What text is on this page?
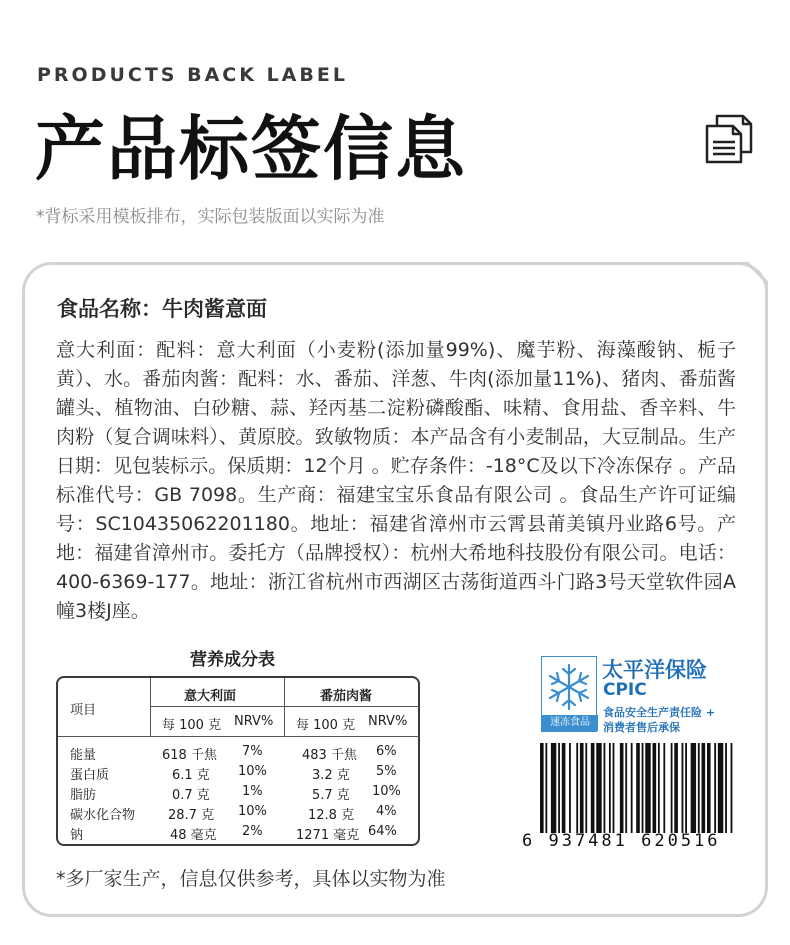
PRODUCTS BACK LABEL
产品标签信息
*背标采用模板排布，实际包装版面以实际为准
食品名称：牛肉酱意面
意大利面：配料：意大利面（小麦粉(添加量99%)、魔芋粉、海藻酸钠、栀子黄）、水。番茄肉酱：配料：水、番茄、洋葱、牛肉(添加量11%)、猪肉、番茄酱罐头、植物油、白砂糖、蒜、羟丙基二淀粉磷酸酯、味精、食用盐、香辛料、牛肉粉（复合调味料）、黄原胶。致敏物质：本产品含有小麦制品，大豆制品。生产日期：见包装标示。保质期：12个月 。贮存条件：-18°C及以下冷冻保存 。产品标准代号：GB 7098。生产商：福建宝宝乐食品有限公司 。食品生产许可证编号：SC10435062201180。地址：福建省漳州市云霄县莆美镇丹业路6号。产地：福建省漳州市。委托方（品牌授权）：杭州大希地科技股份有限公司。电话：400-6369-177。地址：浙江省杭州市西湖区古荡街道西斗门路3号天堂软件园A幢3楼J座。
营养成分表
项目
意大利面	番茄肉酱
每 100 克 NRV% 每 100 克 NRV%
能量	618 千焦 7%	483 千焦 6%
蛋白质	6.1 克 10%	3.2 克 5%
脂肪	0.7 克 1%	5.7 克 10%
碳水化合物	28.7 克 10%	12.8 克 4%
钠	48 毫克 2%	1271 毫克 64%
速冻食品
太平洋保险
CPIC
食品安全生产责任险 +
消费者售后承保
6 937481 620516
*多厂家生产，信息仅供参考，具体以实物为准
